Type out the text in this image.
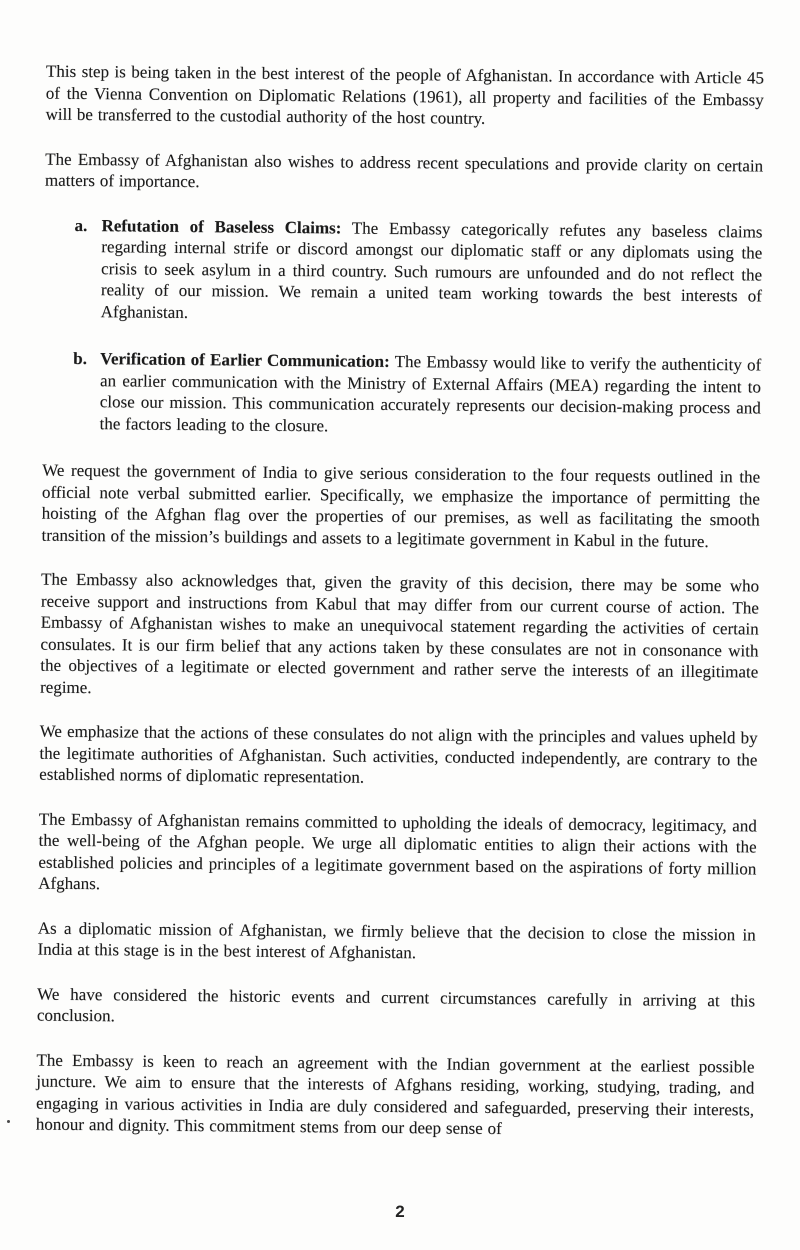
This step is being taken in the best interest of the people of Afghanistan. In accordance with Article 45 of the Vienna Convention on Diplomatic Relations (1961), all property and facilities of the Embassy will be transferred to the custodial authority of the host country.

The Embassy of Afghanistan also wishes to address recent speculations and provide clarity on certain matters of importance.

a. Refutation of Baseless Claims: The Embassy categorically refutes any baseless claims regarding internal strife or discord amongst our diplomatic staff or any diplomats using the crisis to seek asylum in a third country. Such rumours are unfounded and do not reflect the reality of our mission. We remain a united team working towards the best interests of Afghanistan.

b. Verification of Earlier Communication: The Embassy would like to verify the authenticity of an earlier communication with the Ministry of External Affairs (MEA) regarding the intent to close our mission. This communication accurately represents our decision-making process and the factors leading to the closure.

We request the government of India to give serious consideration to the four requests outlined in the official note verbal submitted earlier. Specifically, we emphasize the importance of permitting the hoisting of the Afghan flag over the properties of our premises, as well as facilitating the smooth transition of the mission’s buildings and assets to a legitimate government in Kabul in the future.

The Embassy also acknowledges that, given the gravity of this decision, there may be some who receive support and instructions from Kabul that may differ from our current course of action. The Embassy of Afghanistan wishes to make an unequivocal statement regarding the activities of certain consulates. It is our firm belief that any actions taken by these consulates are not in consonance with the objectives of a legitimate or elected government and rather serve the interests of an illegitimate regime.

We emphasize that the actions of these consulates do not align with the principles and values upheld by the legitimate authorities of Afghanistan. Such activities, conducted independently, are contrary to the established norms of diplomatic representation.

The Embassy of Afghanistan remains committed to upholding the ideals of democracy, legitimacy, and the well-being of the Afghan people. We urge all diplomatic entities to align their actions with the established policies and principles of a legitimate government based on the aspirations of forty million Afghans.

As a diplomatic mission of Afghanistan, we firmly believe that the decision to close the mission in India at this stage is in the best interest of Afghanistan.

We have considered the historic events and current circumstances carefully in arriving at this conclusion.

The Embassy is keen to reach an agreement with the Indian government at the earliest possible juncture. We aim to ensure that the interests of Afghans residing, working, studying, trading, and engaging in various activities in India are duly considered and safeguarded, preserving their interests, honour and dignity. This commitment stems from our deep sense of

2
